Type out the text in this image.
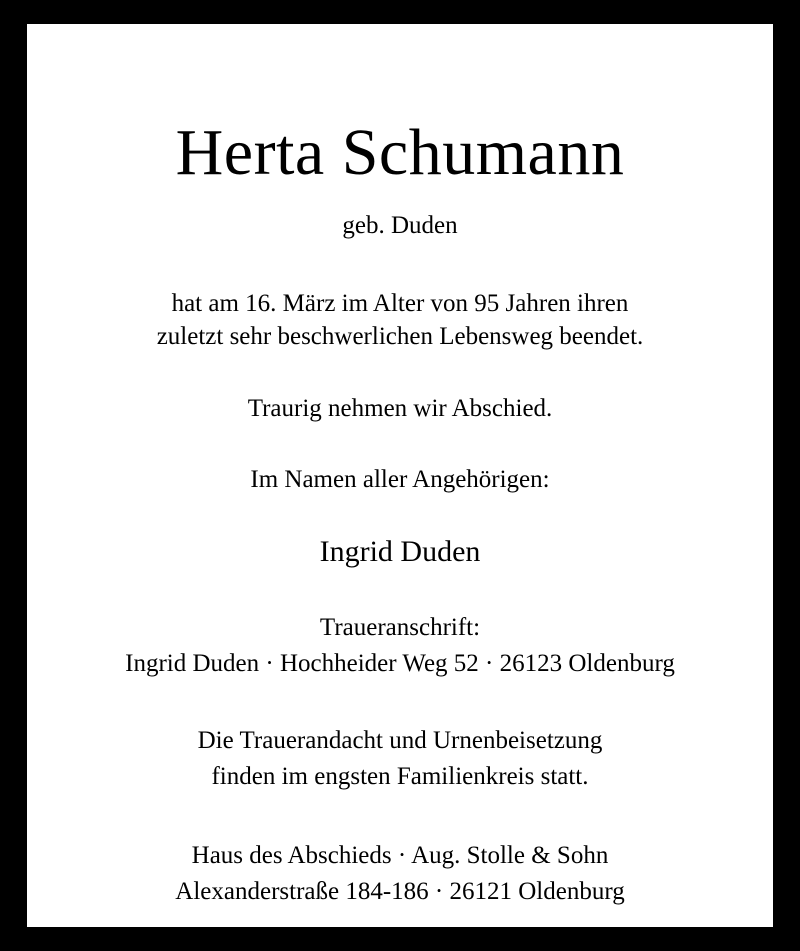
Herta Schumann
geb. Duden
hat am 16. März im Alter von 95 Jahren ihren
zuletzt sehr beschwerlichen Lebensweg beendet.
Traurig nehmen wir Abschied.
Im Namen aller Angehörigen:
Ingrid Duden
Traueranschrift:
Ingrid Duden · Hochheider Weg 52 · 26123 Oldenburg
Die Trauerandacht und Urnenbeisetzung
finden im engsten Familienkreis statt.
Haus des Abschieds · Aug. Stolle & Sohn
Alexanderstraße 184-186 · 26121 Oldenburg
